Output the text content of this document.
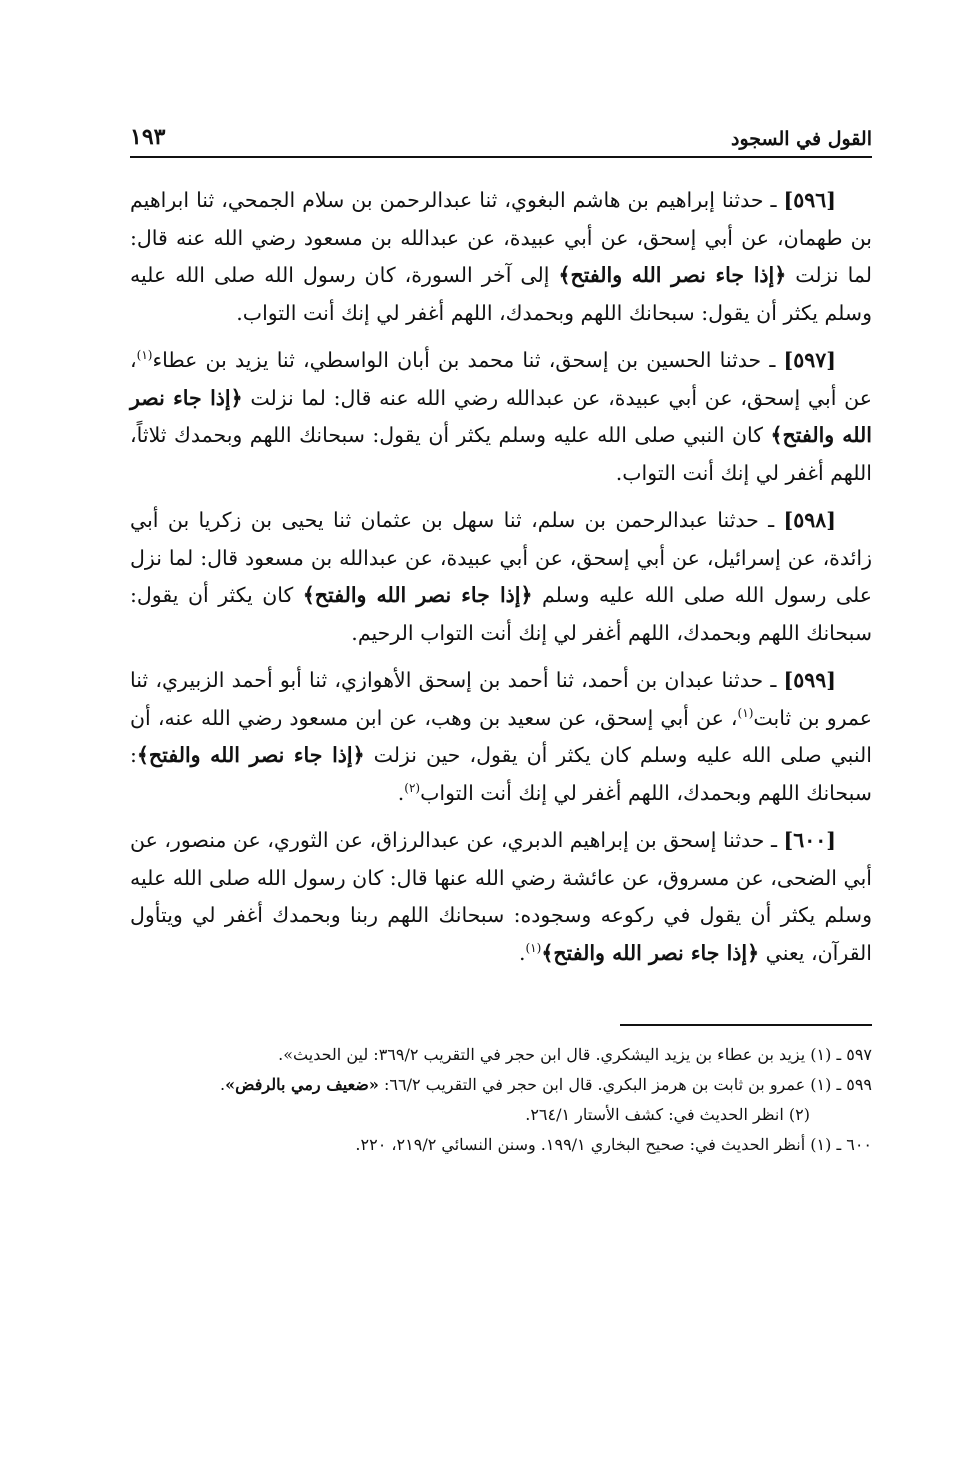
القول في السجود
١٩٣

[٥٩٦] ـ حدثنا إبراهيم بن هاشم البغوي، ثنا عبدالرحمن بن سلام الجمحي، ثنا ابراهيم بن طهمان، عن أبي إسحق، عن أبي عبيدة، عن عبدالله بن مسعود رضي الله عنه قال: لما نزلت ﴿إذا جاء نصر الله والفتح﴾ إلى آخر السورة، كان رسول الله صلى الله عليه وسلم يكثر أن يقول: سبحانك اللهم وبحمدك، اللهم أغفر لي إنك أنت التواب.

[٥٩٧] ـ حدثنا الحسين بن إسحق، ثنا محمد بن أبان الواسطي، ثنا يزيد بن عطاء$^{(١)}$، عن أبي إسحق، عن أبي عبيدة، عن عبدالله رضي الله عنه قال: لما نزلت ﴿إذا جاء نصر الله والفتح﴾ كان النبي صلى الله عليه وسلم يكثر أن يقول: سبحانك اللهم وبحمدك ثلاثاً، اللهم أغفر لي إنك أنت التواب.

[٥٩٨] ـ حدثنا عبدالرحمن بن سلم، ثنا سهل بن عثمان ثنا يحيى بن زكريا بن أبي زائدة، عن إسرائيل، عن أبي إسحق، عن أبي عبيدة، عن عبدالله بن مسعود قال: لما نزل على رسول الله صلى الله عليه وسلم ﴿إذا جاء نصر الله والفتح﴾ كان يكثر أن يقول: سبحانك اللهم وبحمدك، اللهم أغفر لي إنك أنت التواب الرحيم.

[٥٩٩] ـ حدثنا عبدان بن أحمد، ثنا أحمد بن إسحق الأهوازي، ثنا أبو أحمد الزبيري، ثنا عمرو بن ثابت$^{(١)}$، عن أبي إسحق، عن سعيد بن وهب، عن ابن مسعود رضي الله عنه، أن النبي صلى الله عليه وسلم كان يكثر أن يقول، حين نزلت ﴿إذا جاء نصر الله والفتح﴾: سبحانك اللهم وبحمدك، اللهم أغفر لي إنك أنت التواب$^{(٢)}$.

[٦٠٠] ـ حدثنا إسحق بن إبراهيم الدبري، عن عبدالرزاق، عن الثوري، عن منصور، عن أبي الضحى، عن مسروق، عن عائشة رضي الله عنها قال: كان رسول الله صلى الله عليه وسلم يكثر أن يقول في ركوعه وسجوده: سبحانك اللهم ربنا وبحمدك أغفر لي ويتأول القرآن، يعني ﴿إذا جاء نصر الله والفتح﴾$^{(١)}$.

٥٩٧ ـ (١) يزيد بن عطاء بن يزيد اليشكري. قال ابن حجر في التقريب ٣٦٩/٢: لين الحديث».

٥٩٩ ـ (١) عمرو بن ثابت بن هرمز البكري. قال ابن حجر في التقريب ٦٦/٢: «ضعيف رمي بالرفض».

(٢) انظر الحديث في: كشف الأستار ٢٦٤/١.

٦٠٠ ـ (١) أنظر الحديث في: صحيح البخاري ١٩٩/١. وسنن النسائي ٢١٩/٢، ٢٢٠.
